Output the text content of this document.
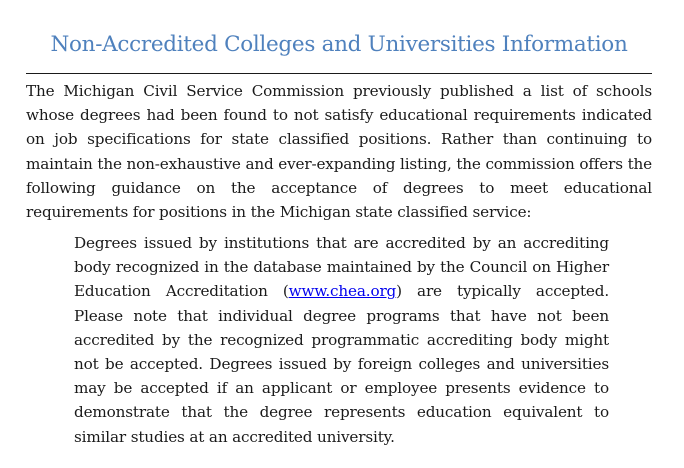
Non-Accredited Colleges and Universities Information

The Michigan Civil Service Commission previously published a list of schools whose degrees had been found to not satisfy educational requirements indicated on job specifications for state classified positions. Rather than continuing to maintain the non-exhaustive and ever-expanding listing, the commission offers the following guidance on the acceptance of degrees to meet educational requirements for positions in the Michigan state classified service:

Degrees issued by institutions that are accredited by an accrediting body recognized in the database maintained by the Council on Higher Education Accreditation (www.chea.org) are typically accepted. Please note that individual degree programs that have not been accredited by the recognized programmatic accrediting body might not be accepted. Degrees issued by foreign colleges and universities may be accepted if an applicant or employee presents evidence to demonstrate that the degree represents education equivalent to similar studies at an accredited university.
